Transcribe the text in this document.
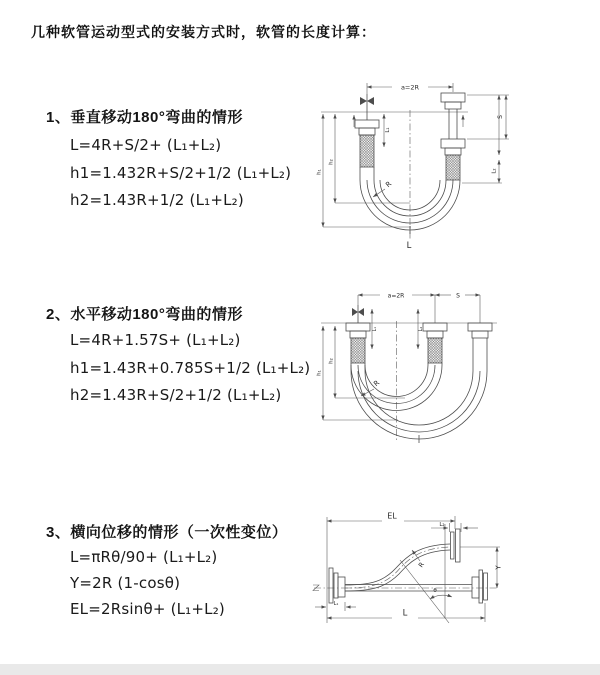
几种软管运动型式的安装方式时，软管的长度计算：
1、垂直移动180°弯曲的情形
L=4R+S/2+ (L₁+L₂)
h1=1.432R+S/2+1/2 (L₁+L₂)
h2=1.43R+1/2 (L₁+L₂)
2、水平移动180°弯曲的情形
L=4R+1.57S+ (L₁+L₂)
h1=1.43R+0.785S+1/2 (L₁+L₂)
h2=1.43R+S/2+1/2 (L₁+L₂)
3、横向位移的情形（一次性变位）
L=πRθ/90+ (L₁+L₂)
Y=2R (1-cosθ)
EL=2Rsinθ+ (L₁+L₂)
a=2R
L₁
S
L₂
h₁
h₂
R
L
a=2R	S
L₁	L₂
h₁
h₂
R
EL
L₂
θ
Y
L
L₁
R
